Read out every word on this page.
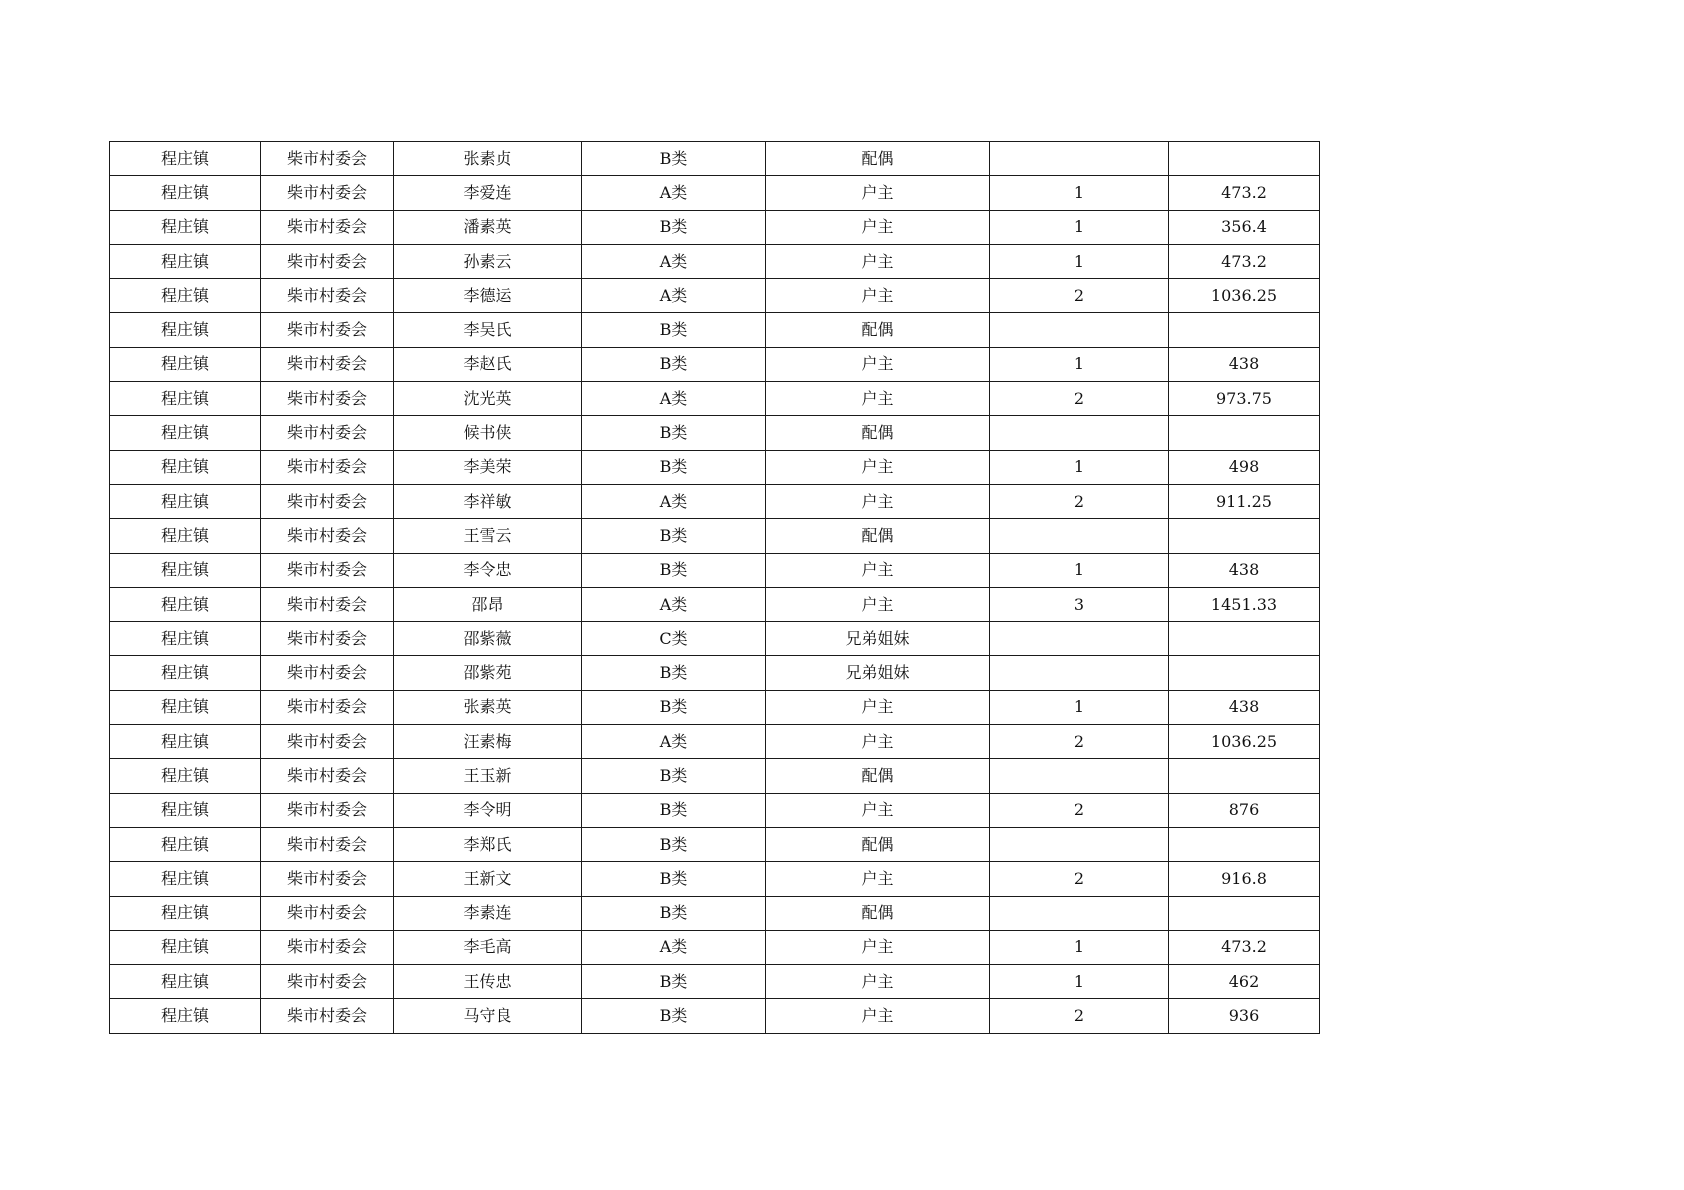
程庄镇	柴市村委会	张素贞	B类	配偶		
程庄镇	柴市村委会	李爱连	A类	户主	1	473.2
程庄镇	柴市村委会	潘素英	B类	户主	1	356.4
程庄镇	柴市村委会	孙素云	A类	户主	1	473.2
程庄镇	柴市村委会	李德运	A类	户主	2	1036.25
程庄镇	柴市村委会	李吴氏	B类	配偶		
程庄镇	柴市村委会	李赵氏	B类	户主	1	438
程庄镇	柴市村委会	沈光英	A类	户主	2	973.75
程庄镇	柴市村委会	候书侠	B类	配偶		
程庄镇	柴市村委会	李美荣	B类	户主	1	498
程庄镇	柴市村委会	李祥敏	A类	户主	2	911.25
程庄镇	柴市村委会	王雪云	B类	配偶		
程庄镇	柴市村委会	李令忠	B类	户主	1	438
程庄镇	柴市村委会	邵昂	A类	户主	3	1451.33
程庄镇	柴市村委会	邵紫薇	C类	兄弟姐妹		
程庄镇	柴市村委会	邵紫苑	B类	兄弟姐妹		
程庄镇	柴市村委会	张素英	B类	户主	1	438
程庄镇	柴市村委会	汪素梅	A类	户主	2	1036.25
程庄镇	柴市村委会	王玉新	B类	配偶		
程庄镇	柴市村委会	李令明	B类	户主	2	876
程庄镇	柴市村委会	李郑氏	B类	配偶		
程庄镇	柴市村委会	王新文	B类	户主	2	916.8
程庄镇	柴市村委会	李素连	B类	配偶		
程庄镇	柴市村委会	李毛高	A类	户主	1	473.2
程庄镇	柴市村委会	王传忠	B类	户主	1	462
程庄镇	柴市村委会	马守良	B类	户主	2	936
